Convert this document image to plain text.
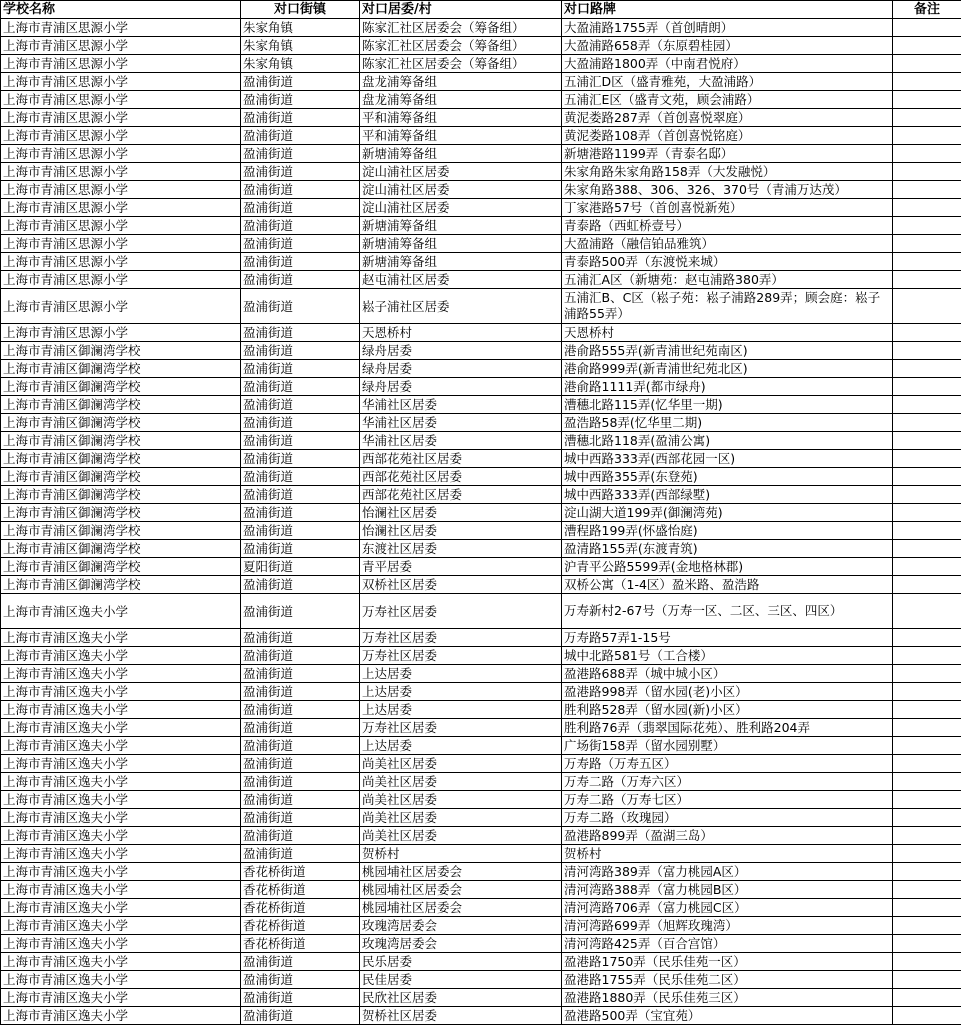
学校名称	对口街镇	对口居委/村	对口路牌	备注
上海市青浦区思源小学	朱家角镇	陈家汇社区居委会（筹备组）	大盈浦路1755弄（首创晴朗）	
上海市青浦区思源小学	朱家角镇	陈家汇社区居委会（筹备组）	大盈浦路658弄（东原碧桂园）	
上海市青浦区思源小学	朱家角镇	陈家汇社区居委会（筹备组）	大盈浦路1800弄（中南君悦府）	
上海市青浦区思源小学	盈浦街道	盘龙浦筹备组	五浦汇D区（盛青雅苑，大盈浦路）	
上海市青浦区思源小学	盈浦街道	盘龙浦筹备组	五浦汇E区（盛青文苑，顾会浦路）	
上海市青浦区思源小学	盈浦街道	平和浦筹备组	黄泥娄路287弄（首创喜悦翠庭）	
上海市青浦区思源小学	盈浦街道	平和浦筹备组	黄泥娄路108弄（首创喜悦铭庭）	
上海市青浦区思源小学	盈浦街道	新塘浦筹备组	新塘港路1199弄（青泰名邸）	
上海市青浦区思源小学	盈浦街道	淀山浦社区居委	朱家角路朱家角路158弄（大发融悦）	
上海市青浦区思源小学	盈浦街道	淀山浦社区居委	朱家角路388、306、326、370号（青浦万达茂）	
上海市青浦区思源小学	盈浦街道	淀山浦社区居委	丁家港路57号（首创喜悦新苑）	
上海市青浦区思源小学	盈浦街道	新塘浦筹备组	青泰路（西虹桥壹号）	
上海市青浦区思源小学	盈浦街道	新塘浦筹备组	大盈浦路（融信铂品雅筑）	
上海市青浦区思源小学	盈浦街道	新塘浦筹备组	青泰路500弄（东渡悦来城）	
上海市青浦区思源小学	盈浦街道	赵屯浦社区居委	五浦汇A区（新塘苑：赵屯浦路380弄）	
上海市青浦区思源小学	盈浦街道	崧子浦社区居委	五浦汇B、C区（崧子苑：崧子浦路289弄；顾会庭：崧子浦路55弄）	
上海市青浦区思源小学	盈浦街道	天恩桥村	天恩桥村	
上海市青浦区御澜湾学校	盈浦街道	绿舟居委	港俞路555弄(新青浦世纪苑南区)	
上海市青浦区御澜湾学校	盈浦街道	绿舟居委	港俞路999弄(新青浦世纪苑北区)	
上海市青浦区御澜湾学校	盈浦街道	绿舟居委	港俞路1111弄(都市绿舟)	
上海市青浦区御澜湾学校	盈浦街道	华浦社区居委	漕穗北路115弄(忆华里一期)	
上海市青浦区御澜湾学校	盈浦街道	华浦社区居委	盈浩路58弄(忆华里二期)	
上海市青浦区御澜湾学校	盈浦街道	华浦社区居委	漕穗北路118弄(盈浦公寓)	
上海市青浦区御澜湾学校	盈浦街道	西部花苑社区居委	城中西路333弄(西部花园一区)	
上海市青浦区御澜湾学校	盈浦街道	西部花苑社区居委	城中西路355弄(东登苑)	
上海市青浦区御澜湾学校	盈浦街道	西部花苑社区居委	城中西路333弄(西部绿墅)	
上海市青浦区御澜湾学校	盈浦街道	怡澜社区居委	淀山湖大道199弄(御澜湾苑)	
上海市青浦区御澜湾学校	盈浦街道	怡澜社区居委	漕程路199弄(怀盛怡庭)	
上海市青浦区御澜湾学校	盈浦街道	东渡社区居委	盈清路155弄(东渡青筑)	
上海市青浦区御澜湾学校	夏阳街道	青平居委	沪青平公路5599弄(金地格林郡)	
上海市青浦区御澜湾学校	盈浦街道	双桥社区居委	双桥公寓（1-4区）盈米路、盈浩路	
上海市青浦区逸夫小学	盈浦街道	万寿社区居委	万寿新村2-67号（万寿一区、二区、三区、四区）	
上海市青浦区逸夫小学	盈浦街道	万寿社区居委	万寿路57弄1-15号	
上海市青浦区逸夫小学	盈浦街道	万寿社区居委	城中北路581号（工合楼）	
上海市青浦区逸夫小学	盈浦街道	上达居委	盈港路688弄（城中城小区）	
上海市青浦区逸夫小学	盈浦街道	上达居委	盈港路998弄（留水园(老)小区）	
上海市青浦区逸夫小学	盈浦街道	上达居委	胜利路528弄（留水园(新)小区）	
上海市青浦区逸夫小学	盈浦街道	万寿社区居委	胜利路76弄（翡翠国际花苑）、胜利路204弄	
上海市青浦区逸夫小学	盈浦街道	上达居委	广场街158弄（留水园别墅）	
上海市青浦区逸夫小学	盈浦街道	尚美社区居委	万寿路（万寿五区）	
上海市青浦区逸夫小学	盈浦街道	尚美社区居委	万寿二路（万寿六区）	
上海市青浦区逸夫小学	盈浦街道	尚美社区居委	万寿二路（万寿七区）	
上海市青浦区逸夫小学	盈浦街道	尚美社区居委	万寿二路（玫瑰园）	
上海市青浦区逸夫小学	盈浦街道	尚美社区居委	盈港路899弄（盈湖三岛）	
上海市青浦区逸夫小学	盈浦街道	贺桥村	贺桥村	
上海市青浦区逸夫小学	香花桥街道	桃园埔社区居委会	清河湾路389弄（富力桃园A区）	
上海市青浦区逸夫小学	香花桥街道	桃园埔社区居委会	清河湾路388弄（富力桃园B区）	
上海市青浦区逸夫小学	香花桥街道	桃园埔社区居委会	清河湾路706弄（富力桃园C区）	
上海市青浦区逸夫小学	香花桥街道	玫瑰湾居委会	清河湾路699弄（旭辉玫瑰湾）	
上海市青浦区逸夫小学	香花桥街道	玫瑰湾居委会	清河湾路425弄（百合宫馆）	
上海市青浦区逸夫小学	盈浦街道	民乐居委	盈港路1750弄（民乐佳苑一区）	
上海市青浦区逸夫小学	盈浦街道	民佳居委	盈港路1755弄（民乐佳苑二区）	
上海市青浦区逸夫小学	盈浦街道	民欣社区居委	盈港路1880弄（民乐佳苑三区）	
上海市青浦区逸夫小学	盈浦街道	贺桥社区居委	盈港路500弄（宝宜苑）	
